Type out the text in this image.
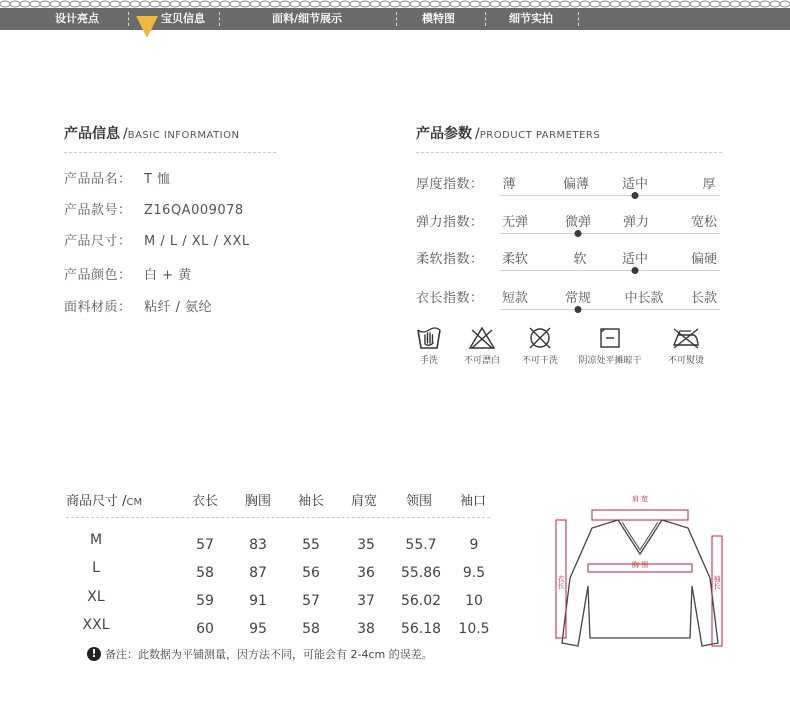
设计亮点	宝贝信息	面料/细节展示	模特图	细节实拍
产品信息 /BASIC INFORMATION
产品品名： T 恤
产品款号： Z16QA009078
产品尺寸： M / L / XL / XXL
产品颜色： 白 + 黄
面料材质： 粘纤 / 氨纶
产品参数 /PRODUCT PARMETERS
厚度指数： 薄	偏薄	适中	厚
弹力指数： 无弹	微弹 弹力	宽松
柔软指数： 柔软	软	适中	偏硬
衣长指数： 短款	常规	中长款 长款
手洗	不可漂白	不可干洗	阴凉处平摊晾干	不可熨烫
商品尺寸 /CM	衣长 胸围 袖长 肩宽 领围 袖口
M	57	83	55	35 55.7 9
L	58	87	56	36 55.86 9.5
XL	59	91	57	37 56.02 10
XXL	60	95	58	38 56.18 10.5
! 备注：此数据为平铺测量，因方法不同，可能会有 2-4cm 的误差。
肩 宽
胸 围
衣长	袖长
